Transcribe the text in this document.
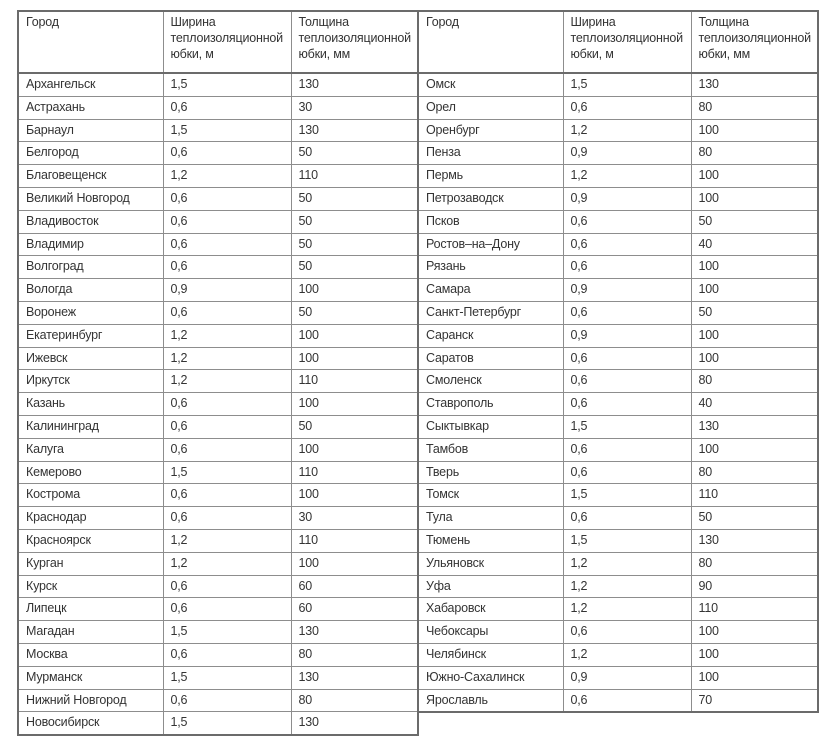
Город	Ширина теплоизоляционной юбки, м	Толщина теплоизоляционной юбки, мм
Архангельск	1,5	130
Астрахань	0,6	30
Барнаул	1,5	130
Белгород	0,6	50
Благовещенск	1,2	110
Великий Новгород	0,6	50
Владивосток	0,6	50
Владимир	0,6	50
Волгоград	0,6	50
Вологда	0,9	100
Воронеж	0,6	50
Екатеринбург	1,2	100
Ижевск	1,2	100
Иркутск	1,2	110
Казань	0,6	100
Калининград	0,6	50
Калуга	0,6	100
Кемерово	1,5	110
Кострома	0,6	100
Краснодар	0,6	30
Красноярск	1,2	110
Курган	1,2	100
Курск	0,6	60
Липецк	0,6	60
Магадан	1,5	130
Москва	0,6	80
Мурманск	1,5	130
Нижний Новгород	0,6	80
Новосибирск	1,5	130
Город	Ширина теплоизоляционной юбки, м	Толщина теплоизоляционной юбки, мм
Омск	1,5	130
Орел	0,6	80
Оренбург	1,2	100
Пенза	0,9	80
Пермь	1,2	100
Петрозаводск	0,9	100
Псков	0,6	50
Ростов–на–Дону	0,6	40
Рязань	0,6	100
Самара	0,9	100
Санкт-Петербург	0,6	50
Саранск	0,9	100
Саратов	0,6	100
Смоленск	0,6	80
Ставрополь	0,6	40
Сыктывкар	1,5	130
Тамбов	0,6	100
Тверь	0,6	80
Томск	1,5	110
Тула	0,6	50
Тюмень	1,5	130
Ульяновск	1,2	80
Уфа	1,2	90
Хабаровск	1,2	110
Чебоксары	0,6	100
Челябинск	1,2	100
Южно-Сахалинск	0,9	100
Ярославль	0,6	70
